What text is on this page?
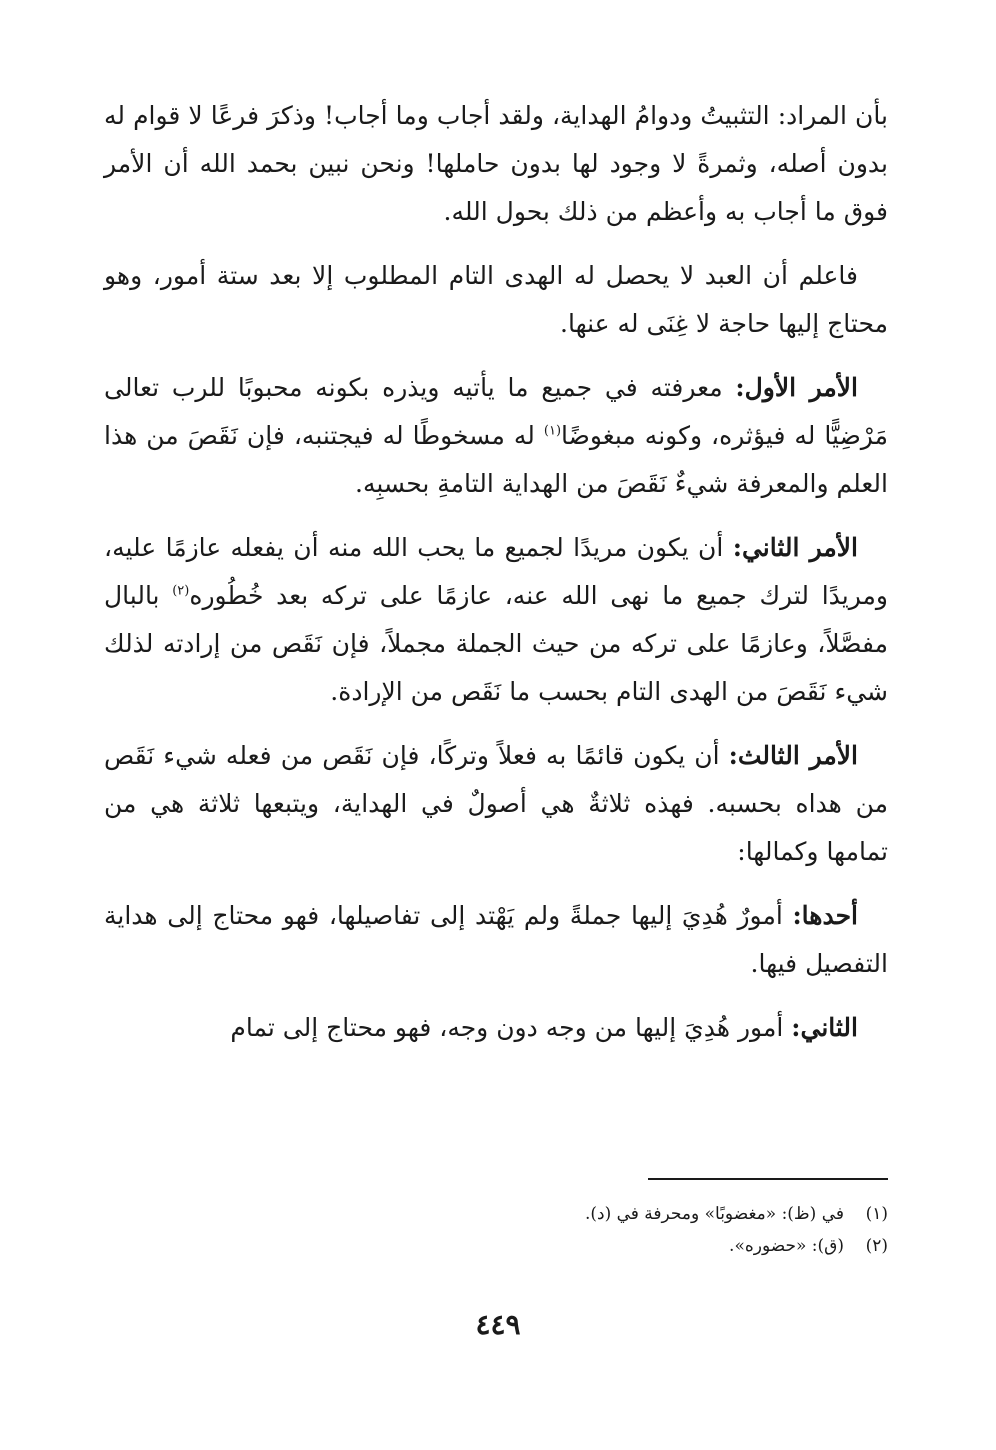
بأن المراد: التثبيتُ ودوامُ الهداية، ولقد أجاب وما أجاب! وذكرَ فرعًا لا قوام له بدون أصله، وثمرةً لا وجود لها بدون حاملها! ونحن نبين بحمد الله أن الأمر فوق ما أجاب به وأعظم من ذلك بحول الله.

فاعلم أن العبد لا يحصل له الهدى التام المطلوب إلا بعد ستة أمور، وهو محتاج إليها حاجة لا غِنَى له عنها.

الأمر الأول: معرفته في جميع ما يأتيه ويذره بكونه محبوبًا للرب تعالى مَرْضِيًّا له فيؤثره، وكونه مبغوضًا$^{(١)}$ له مسخوطًا له فيجتنبه، فإن نَقَصَ من هذا العلم والمعرفة شيءٌ نَقَصَ من الهداية التامةِ بحسبِه.

الأمر الثاني: أن يكون مريدًا لجميع ما يحب الله منه أن يفعله عازمًا عليه، ومريدًا لترك جميع ما نهى الله عنه، عازمًا على تركه بعد خُطُوره$^{(٢)}$ بالبال مفصَّلاً، وعازمًا على تركه من حيث الجملة مجملاً، فإن نَقَص من إرادته لذلك شيء نَقَصَ من الهدى التام بحسب ما نَقَص من الإرادة.

الأمر الثالث: أن يكون قائمًا به فعلاً وتركًا، فإن نَقَص من فعله شيء نَقَص من هداه بحسبه. فهذه ثلاثةٌ هي أصولٌ في الهداية، ويتبعها ثلاثة هي من تمامها وكمالها:

أحدها: أمورٌ هُدِيَ إليها جملةً ولم يَهْتد إلى تفاصيلها، فهو محتاج إلى هداية التفصيل فيها.

الثاني: أمور هُدِيَ إليها من وجه دون وجه، فهو محتاج إلى تمام

(١)في (ظ): «مغضوبًا» ومحرفة في (د).
(٢)(ق): «حضوره».
٤٤٩
